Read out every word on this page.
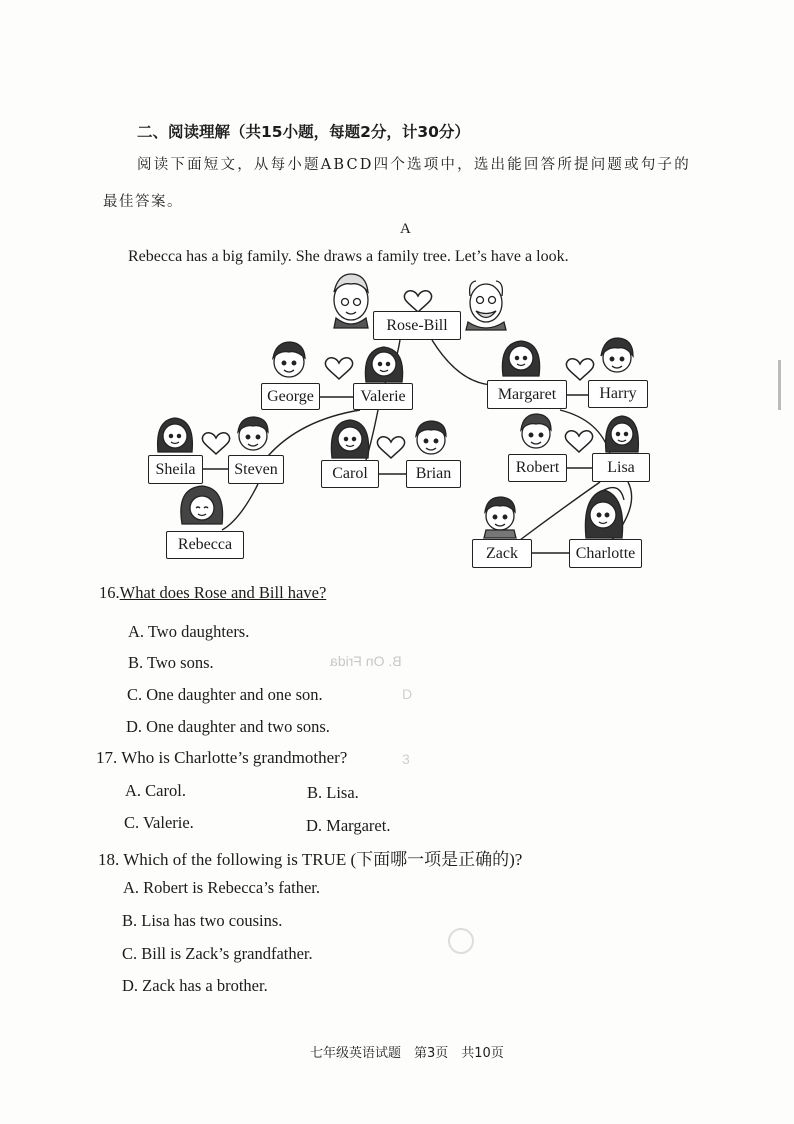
二、阅读理解（共15小题，每题2分，计30分）
阅读下面短文，从每小题ABCD四个选项中，选出能回答所提问题或句子的
最佳答案。
A
Rebecca has a big family. She draws a family tree. Let’s have a look.
Rose-Bill
George	Valerie	Margaret	Harry
Sheila Steven	Carol	Brian	Robert	Lisa
Rebecca	Zack	Charlotte
16.What does Rose and Bill have?
A. Two daughters.
B. Two sons.
C. One daughter and one son.
D. One daughter and two sons.
B. On Frida
D
3
17. Who is Charlotte’s grandmother?
A. Carol.	B. Lisa.
C. Valerie.	D. Margaret.
18. Which of the following is TRUE (下面哪一项是正确的)?
A. Robert is Rebecca’s father.
B. Lisa has two cousins.
C. Bill is Zack’s grandfather.
D. Zack has a brother.
七年级英语试题　第3页　共10页
